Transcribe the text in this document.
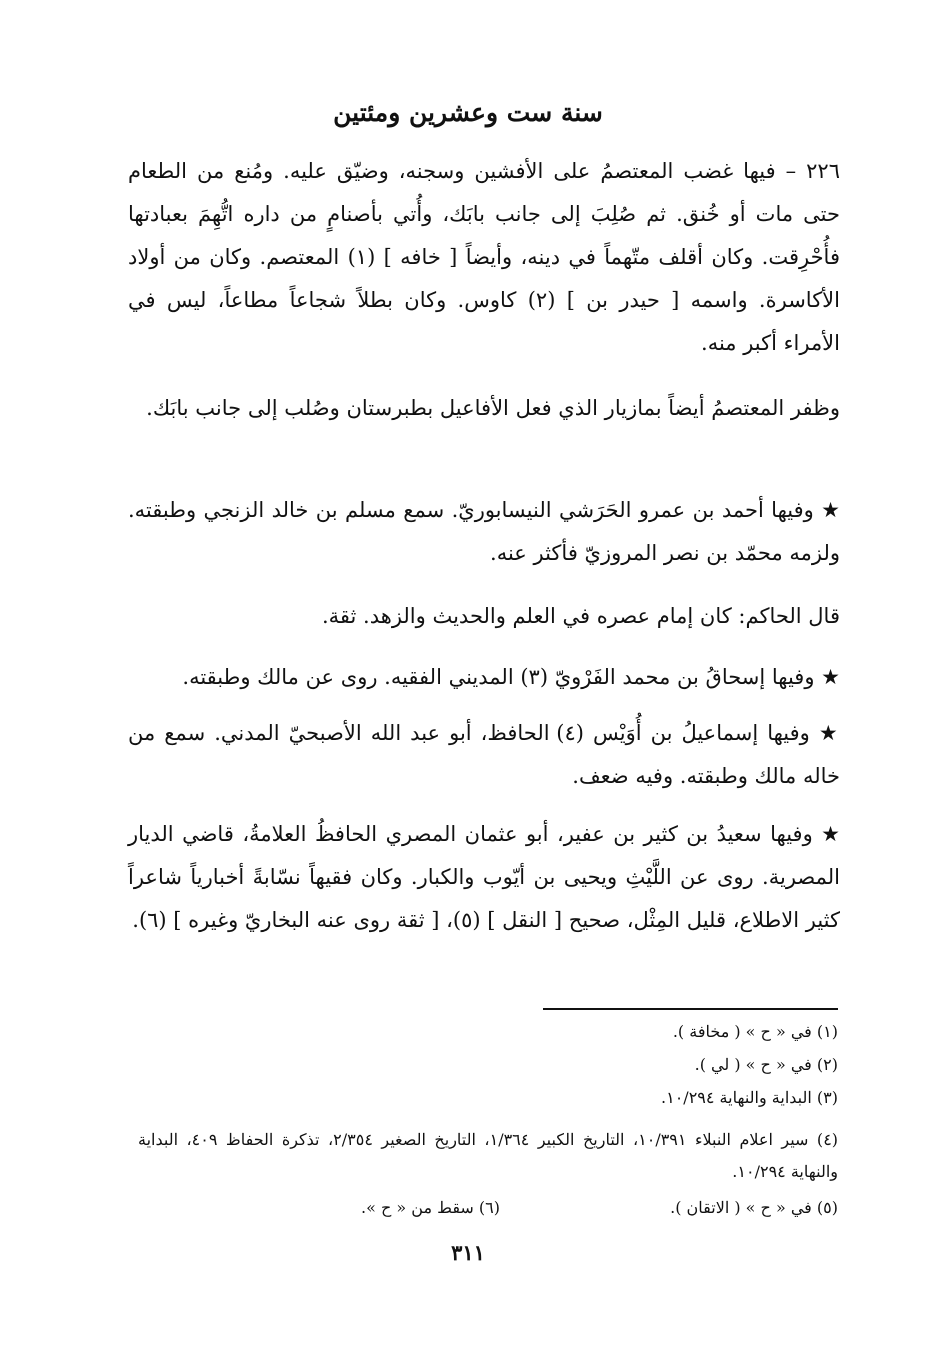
سنة ست وعشرين ومئتين
٢٢٦ – فيها غضب المعتصمُ على الأفشين وسجنه، وضيّق عليه. ومُنع من الطعام حتى مات أو خُنق. ثم صُلِبَ إلى جانب بابَك، وأُتي بأصنامٍ من داره اتُّهِمَ بعبادتها فأُحْرِقت. وكان أقلف متّهماً في دينه، وأيضاً [ خافه ] (١) المعتصم. وكان من أولاد الأكاسرة. واسمه [ حيدر بن ] (٢) كاوس. وكان بطلاً شجاعاً مطاعاً، ليس في الأمراء أكبر منه.
وظفر المعتصمُ أيضاً بمازيار الذي فعل الأفاعيل بطبرستان وصُلب إلى جانب بابَك.
★ وفيها أحمد بن عمرو الحَرَشي النيسابوريّ. سمع مسلم بن خالد الزنجي وطبقته. ولزمه محمّد بن نصر المروزيّ فأكثر عنه.
قال الحاكم: كان إمام عصره في العلم والحديث والزهد. ثقة.
★ وفيها إسحاقُ بن محمد الفَرْويّ (٣) المديني الفقيه. روى عن مالك وطبقته.
★ وفيها إسماعيلُ بن أُوَيْس (٤) الحافظ، أبو عبد الله الأصبحيّ المدني. سمع من خاله مالك وطبقته. وفيه ضعف.
★ وفيها سعيدُ بن كثير بن عفير، أبو عثمان المصري الحافظُ العلامةُ، قاضي الديار المصرية. روى عن اللَّيْثِ ويحيى بن أيّوب والكبار. وكان فقيهاً نسّابةً أخبارياً شاعراً كثير الاطلاع، قليل المِثْل، صحيح [ النقل ] (٥)، [ ثقة روى عنه البخاريّ وغيره ] (٦).
(١) في « ح » ( مخافة ).
(٢) في « ح » ( لي ).
(٣) البداية والنهاية ١٠/٢٩٤.
(٤) سير اعلام النبلاء ١٠/٣٩١، التاريخ الكبير ١/٣٦٤، التاريخ الصغير ٢/٣٥٤، تذكرة الحفاظ ٤٠٩، البداية والنهاية ١٠/٢٩٤.
(٥) في « ح » ( الاتقان ).
(٦) سقط من « ح ».
٣١١
